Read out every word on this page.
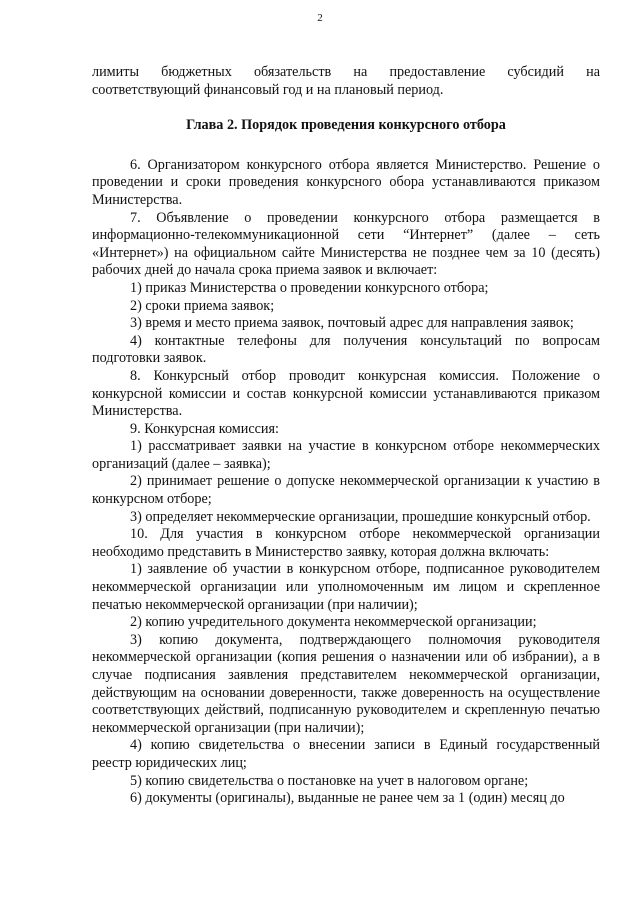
2

лимиты бюджетных обязательств на предоставление субсидий на соответствующий финансовый год и на плановый период.

Глава 2. Порядок проведения конкурсного отбора

6. Организатором конкурсного отбора является Министерство. Решение о проведении и сроки проведения конкурсного обора устанавливаются приказом Министерства.

7. Объявление о проведении конкурсного отбора размещается в информационно-телекоммуникационной сети “Интернет” (далее – сеть «Интернет») на официальном сайте Министерства не позднее чем за 10 (десять) рабочих дней до начала срока приема заявок и включает:

1) приказ Министерства о проведении конкурсного отбора;

2) сроки приема заявок;

3) время и место приема заявок, почтовый адрес для направления заявок;

4) контактные телефоны для получения консультаций по вопросам подготовки заявок.

8. Конкурсный отбор проводит конкурсная комиссия. Положение о конкурсной комиссии и состав конкурсной комиссии устанавливаются приказом Министерства.

9. Конкурсная комиссия:

1) рассматривает заявки на участие в конкурсном отборе некоммерческих организаций (далее – заявка);

2) принимает решение о допуске некоммерческой организации к участию в конкурсном отборе;

3) определяет некоммерческие организации, прошедшие конкурсный отбор.

10. Для участия в конкурсном отборе некоммерческой организации необходимо представить в Министерство заявку, которая должна включать:

1) заявление об участии в конкурсном отборе, подписанное руководителем некоммерческой организации или уполномоченным им лицом и скрепленное печатью некоммерческой организации (при наличии);

2) копию учредительного документа некоммерческой организации;

3) копию документа, подтверждающего полномочия руководителя некоммерческой организации (копия решения о назначении или об избрании), а в случае подписания заявления представителем некоммерческой организации, действующим на основании доверенности, также доверенность на осуществление соответствующих действий, подписанную руководителем и скрепленную печатью некоммерческой организации (при наличии);

4) копию свидетельства о внесении записи в Единый государственный реестр юридических лиц;

5) копию свидетельства о постановке на учет в налоговом органе;

6) документы (оригиналы), выданные не ранее чем за 1 (один) месяц до
